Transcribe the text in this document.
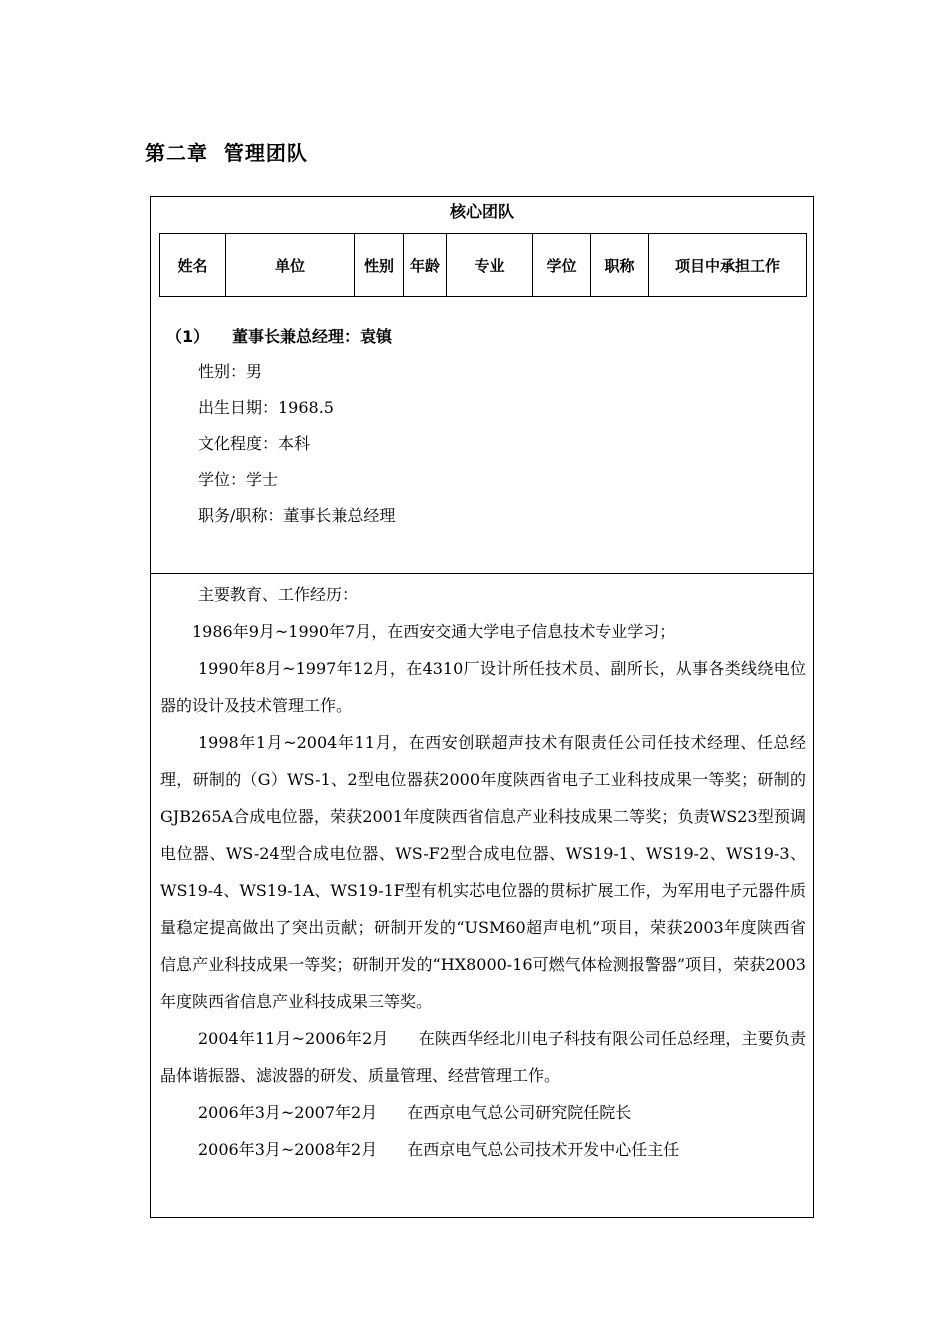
第二章  管理团队
核心团队
姓名	单位	性别	年龄	专业	学位	职称	项目中承担工作
（1） 董事长兼总经理：袁镇
性别：男
出生日期：1968.5
文化程度：本科
学位：学士
职务/职称：董事长兼总经理

主要教育、工作经历：

1986年9月~1990年7月，在西安交通大学电子信息技术专业学习；

1990年8月~1997年12月，在4310厂设计所任技术员、副所长，从事各类线绕电位器的设计及技术管理工作。

1998年1月~2004年11月，在西安创联超声技术有限责任公司任技术经理、任总经理，研制的（G）WS-1、2型电位器获2000年度陕西省电子工业科技成果一等奖；研制的GJB265A合成电位器，荣获2001年度陕西省信息产业科技成果二等奖；负责WS23型预调电位器、WS-24型合成电位器、WS-F2型合成电位器、WS19-1、WS19-2、WS19-3、WS19-4、WS19-1A、WS19-1F型有机实芯电位器的贯标扩展工作，为军用电子元器件质量稳定提高做出了突出贡献；研制开发的“USM60超声电机”项目，荣获2003年度陕西省信息产业科技成果一等奖；研制开发的“HX8000-16可燃气体检测报警器”项目，荣获2003年度陕西省信息产业科技成果三等奖。

2004年11月~2006年2月 在陕西华经北川电子科技有限公司任总经理，主要负责晶体谐振器、滤波器的研发、质量管理、经营管理工作。

2006年3月~2007年2月 在西京电气总公司研究院任院长

2006年3月~2008年2月 在西京电气总公司技术开发中心任主任
